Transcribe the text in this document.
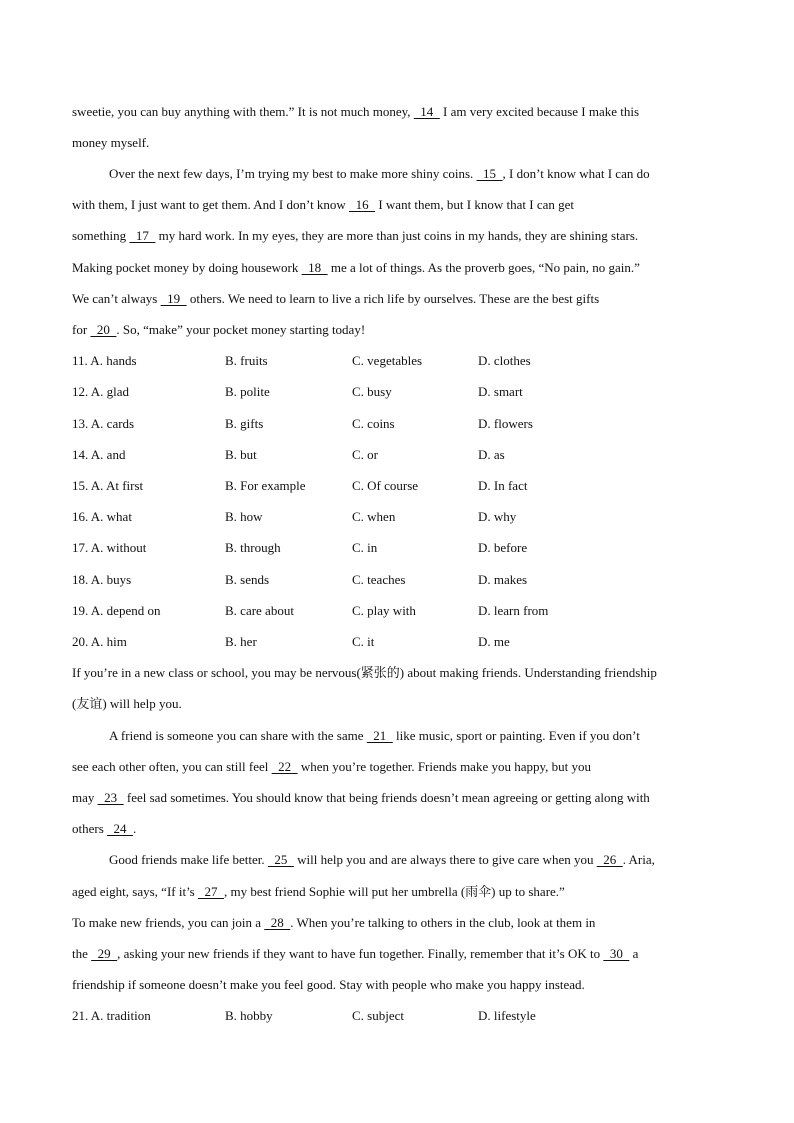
sweetie, you can buy anything with them.” It is not much money,   14   I am very excited because I make this
money myself.
Over the next few days, I’m trying my best to make more shiny coins.   15  , I don’t know what I can do
with them, I just want to get them. And I don’t know   16   I want them, but I know that I can get
something   17   my hard work. In my eyes, they are more than just coins in my hands, they are shining stars.
Making pocket money by doing housework   18   me a lot of things. As the proverb goes, “No pain, no gain.”
We can’t always   19   others. We need to learn to live a rich life by ourselves. These are the best gifts
for   20  . So, “make” your pocket money starting today!
11. A. hands	B. fruits	C. vegetables	D. clothes
12. A. glad	B. polite	C. busy	D. smart
13. A. cards	B. gifts	C. coins	D. flowers
14. A. and	B. but	C. or	D. as
15. A. At first	B. For example	C. Of course	D. In fact
16. A. what	B. how	C. when	D. why
17. A. without	B. through	C. in	D. before
18. A. buys	B. sends	C. teaches	D. makes
19. A. depend on	B. care about	C. play with	D. learn from
20. A. him	B. her	C. it	D. me
If you’re in a new class or school, you may be nervous(紧张的) about making friends. Understanding friendship
(友谊) will help you.
A friend is someone you can share with the same   21   like music, sport or painting. Even if you don’t
see each other often, you can still feel   22   when you’re together. Friends make you happy, but you
may   23   feel sad sometimes. You should know that being friends doesn’t mean agreeing or getting along with
others   24  .
Good friends make life better.   25   will help you and are always there to give care when you   26  . Aria,
aged eight, says, “If it’s   27  , my best friend Sophie will put her umbrella (雨伞) up to share.”
To make new friends, you can join a   28  . When you’re talking to others in the club, look at them in
the   29  , asking your new friends if they want to have fun together. Finally, remember that it’s OK to   30   a
friendship if someone doesn’t make you feel good. Stay with people who make you happy instead.
21. A. tradition	B. hobby	C. subject	D. lifestyle
